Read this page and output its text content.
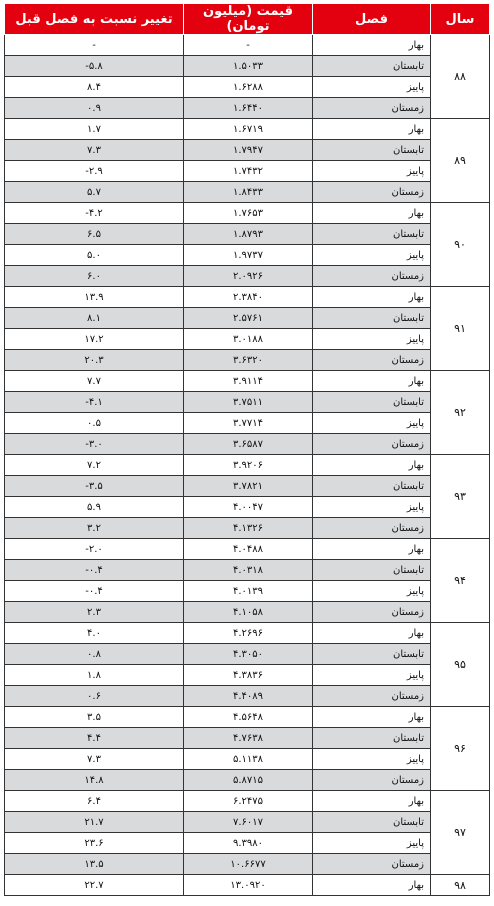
سال	فصل	قیمت (میلیون تومان)	تغییر نسبت به فصل قبل
۸۸	بهار	-	-
	تابستان	۱.۵۰۳۳	-۵.۸
	پاییز	۱.۶۲۸۸	۸.۴
	زمستان	۱.۶۴۴۰	۰.۹
۸۹	بهار	۱.۶۷۱۹	۱.۷
	تابستان	۱.۷۹۴۷	۷.۳
	پاییز	۱.۷۴۳۲	-۲.۹
	زمستان	۱.۸۴۳۳	۵.۷
۹۰	بهار	۱.۷۶۵۳	-۴.۲
	تابستان	۱.۸۷۹۳	۶.۵
	پاییز	۱.۹۷۳۷	۵.۰
	زمستان	۲.۰۹۲۶	۶.۰
۹۱	بهار	۲.۳۸۴۰	۱۳.۹
	تابستان	۲.۵۷۶۱	۸.۱
	پاییز	۳.۰۱۸۸	۱۷.۲
	زمستان	۳.۶۳۲۰	۲۰.۳
۹۲	بهار	۳.۹۱۱۴	۷.۷
	تابستان	۳.۷۵۱۱	-۴.۱
	پاییز	۳.۷۷۱۴	۰.۵
	زمستان	۳.۶۵۸۷	-۳.۰
۹۳	بهار	۳.۹۲۰۶	۷.۲
	تابستان	۳.۷۸۲۱	-۳.۵
	پاییز	۴.۰۰۴۷	۵.۹
	زمستان	۴.۱۳۲۶	۳.۲
۹۴	بهار	۴.۰۴۸۸	-۲.۰
	تابستان	۴.۰۳۱۸	-۰.۴
	پاییز	۴.۰۱۳۹	-۰.۴
	زمستان	۴.۱۰۵۸	۲.۳
۹۵	بهار	۴.۲۶۹۶	۴.۰
	تابستان	۴.۳۰۵۰	۰.۸
	پاییز	۴.۳۸۳۶	۱.۸
	زمستان	۴.۴۰۸۹	۰.۶
۹۶	بهار	۴.۵۶۴۸	۳.۵
	تابستان	۴.۷۶۳۸	۴.۴
	پاییز	۵.۱۱۳۸	۷.۳
	زمستان	۵.۸۷۱۵	۱۴.۸
۹۷	بهار	۶.۲۴۷۵	۶.۴
	تابستان	۷.۶۰۱۷	۲۱.۷
	پاییز	۹.۳۹۸۰	۲۳.۶
	زمستان	۱۰.۶۶۷۷	۱۳.۵
۹۸	بهار	۱۳.۰۹۲۰	۲۲.۷
